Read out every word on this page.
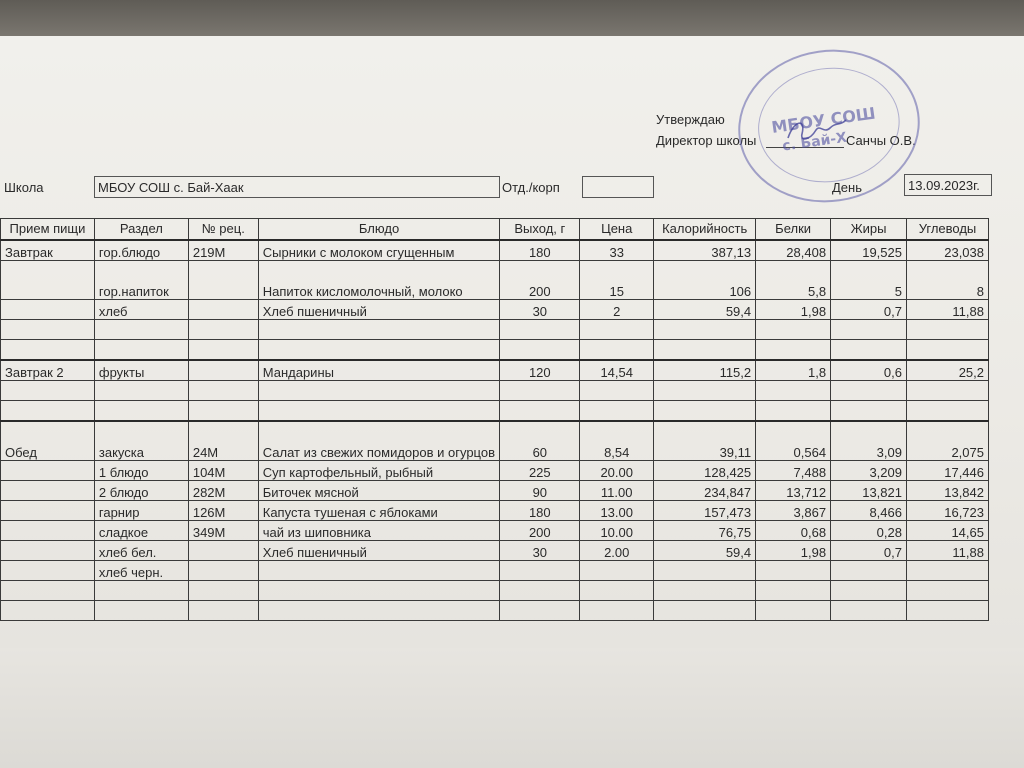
Утверждаю
Директор школы	Санчы О.В.
МБОУ СОШ
с. Бай-Х
Школа	МБОУ СОШ с. Бай-Хаак	Отд./корп	День	13.09.2023г.
Прием пищи	Раздел	№ рец.	Блюдо	Выход, г	Цена	Калорийность	Белки	Жиры	Углеводы
Завтрак	гор.блюдо	219М	Сырники с молоком сгущенным	180	33	387,13	28,408	19,525	23,038
	гор.напиток		Напиток кисломолочный, молоко	200	15	106	5,8	5	8
	хлеб		Хлеб пшеничный	30	2	59,4	1,98	0,7	11,88

Завтрак 2	фрукты		Мандарины	120	14,54	115,2	1,8	0,6	25,2

Обед	закуска	24М	Салат из свежих помидоров и огурцов	60	8,54	39,11	0,564	3,09	2,075
	1 блюдо	104М	Суп картофельный, рыбный	225	20.00	128,425	7,488	3,209	17,446
	2 блюдо	282М	Биточек мясной	90	11.00	234,847	13,712	13,821	13,842
	гарнир	126М	Капуста тушеная с яблоками	180	13.00	157,473	3,867	8,466	16,723
	сладкое	349М	чай из шиповника	200	10.00	76,75	0,68	0,28	14,65
	хлеб бел.		Хлеб пшеничный	30	2.00	59,4	1,98	0,7	11,88
	хлеб черн.								
